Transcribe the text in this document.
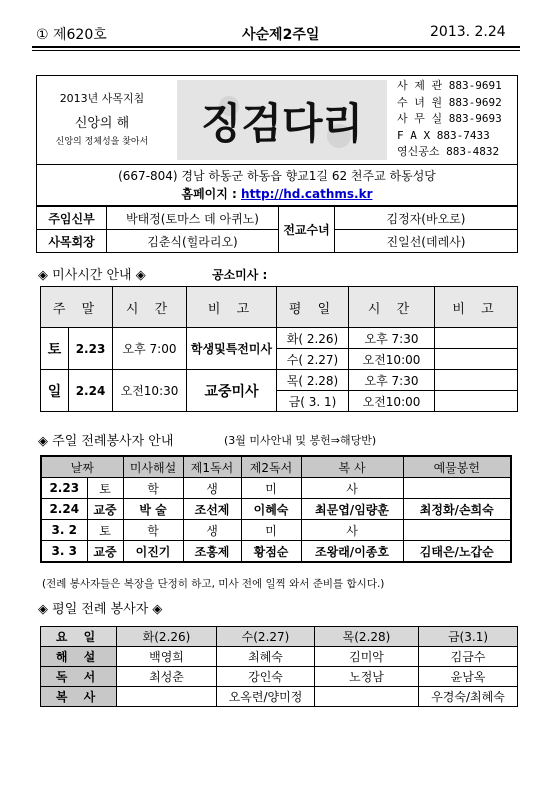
① 제620호	사순제2주일	2013. 2.24
2013년 사목지침
신앙의 해
신앙의 정체성을 찾아서	징검다리
사 제 관 883-9691
수 녀 원 883-9692
사 무 실 883-9693
F A X 883-7433
영신공소 883-4832
(667-804) 경남 하동군 하동읍 향교1길 62 천주교 하동성당
홈페이지 : http://hd.cathms.kr
주임신부	박태정(토마스 데 아퀴노)	전교수녀	김정자(바오로)
사목회장	김춘식(힐라리오)		진일선(데레사)
◈ 미사시간 안내 ◈	공소미사 :
주 말		시 간	비 고	평 일	시 간	비 고
토	2.23	오후 7:00	학생및특전미사	화( 2.26)	오후 7:30	
				수( 2.27)	오전10:00	
일	2.24	오전10:30	교중미사	목( 2.28)	오후 7:30	
				금( 3. 1)	오전10:00	
◈ 주일 전례봉사자 안내	(3월 미사안내 및 봉헌⇒해당반)
날짜		미사해설	제1독서	제2독서	복 사	예물봉헌
2.23	토	학	생	미	사	
2.24	교중	박 술	조선제	이혜숙	최문엽/임량훈	최정화/손희숙
3. 2	토	학	생	미	사	
3. 3	교중	이진기	조홍제	황점순	조왕래/이종호	김태은/노갑순
(전례 봉사자들은 복장을 단정히 하고, 미사 전에 일찍 와서 준비를 합시다.)
◈ 평일 전례 봉사자 ◈
요 일	화(2.26)	수(2.27)	목(2.28)	금(3.1)
해 설	백영희	최혜숙	김미악	김금수
독 서	최성춘	강인숙	노정남	윤남옥
복 사		오옥련/양미정		우경숙/최혜숙
